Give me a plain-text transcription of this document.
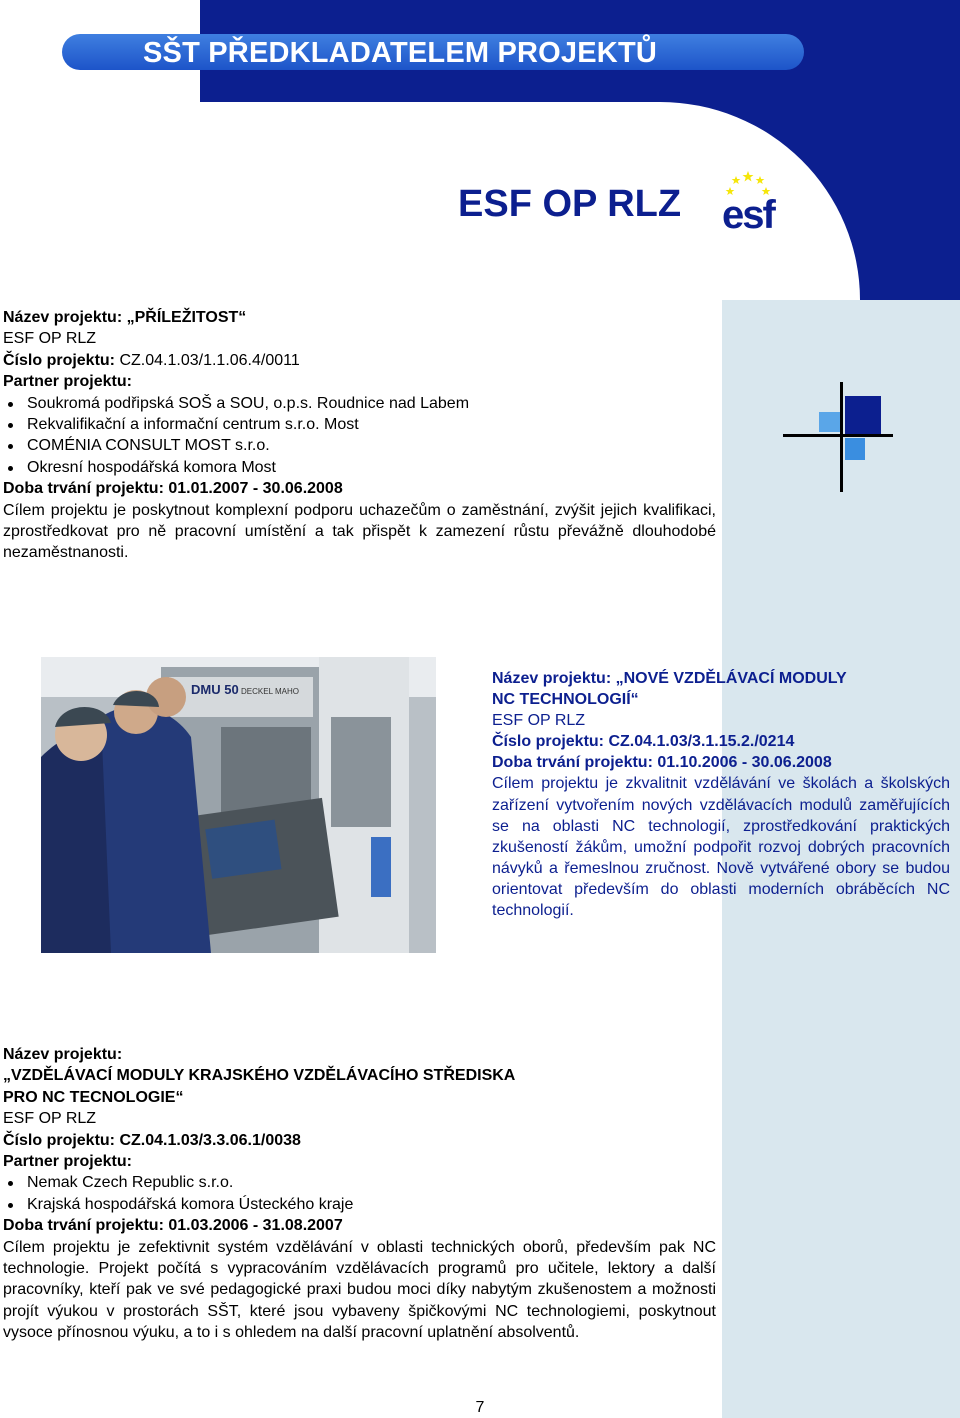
SŠT PŘEDKLADATELEM PROJEKTŮ
ESF OP RLZ esf

Název projektu: „PŘÍLEŽITOST“

ESF OP RLZ

Číslo projektu: CZ.04.1.03/1.1.06.4/0011

Partner projektu:

Soukromá podřipská SOŠ a SOU, o.p.s. Roudnice nad Labem
Rekvalifikační a informační centrum s.r.o. Most
COMÉNIA CONSULT MOST s.r.o.
Okresní hospodářská komora Most

Doba trvání projektu: 01.01.2007 - 30.06.2008

Cílem projektu je poskytnout komplexní podporu uchazečům o zaměstnání, zvýšit jejich kvalifikaci, zprostředkovat pro ně pracovní umístění a tak přispět k zamezení růstu převážně dlouhodobé nezaměstnanosti.

DMU 50 DECKEL MAHO

Název projektu: „NOVÉ VZDĚLÁVACÍ MODULY

NC TECHNOLOGIÍ“

ESF OP RLZ

Číslo projektu: CZ.04.1.03/3.1.15.2./0214

Doba trvání projektu: 01.10.2006 - 30.06.2008

Cílem projektu je zkvalitnit vzdělávání ve školách a školských zařízení vytvořením nových vzdělávacích modulů zaměřujících se na oblasti NC technologií, zprostředkování praktických zkušeností žákům, umožní podpořit rozvoj dobrých pracovních návyků a řemeslnou zručnost. Nově vytvářené obory se budou orientovat především do oblasti moderních obráběcích NC technologií.

Název projektu:

„VZDĚLÁVACÍ MODULY KRAJSKÉHO VZDĚLÁVACÍHO STŘEDISKA

PRO NC TECNOLOGIE“

ESF OP RLZ

Číslo projektu: CZ.04.1.03/3.3.06.1/0038

Partner projektu:

Nemak Czech Republic s.r.o.
Krajská hospodářská komora Ústeckého kraje

Doba trvání projektu: 01.03.2006 - 31.08.2007

Cílem projektu je zefektivnit systém vzdělávání v oblasti technických oborů, především pak NC technologie. Projekt počítá s vypracováním vzdělávacích programů pro učitele, lektory a další pracovníky, kteří pak ve své pedagogické praxi budou moci díky nabytým zkušenostem a možnosti projít výukou v prostorách SŠT, které jsou vybaveny špičkovými NC technologiemi, poskytnout vysoce přínosnou výuku, a to i s ohledem na další pracovní uplatnění absolventů.

7
